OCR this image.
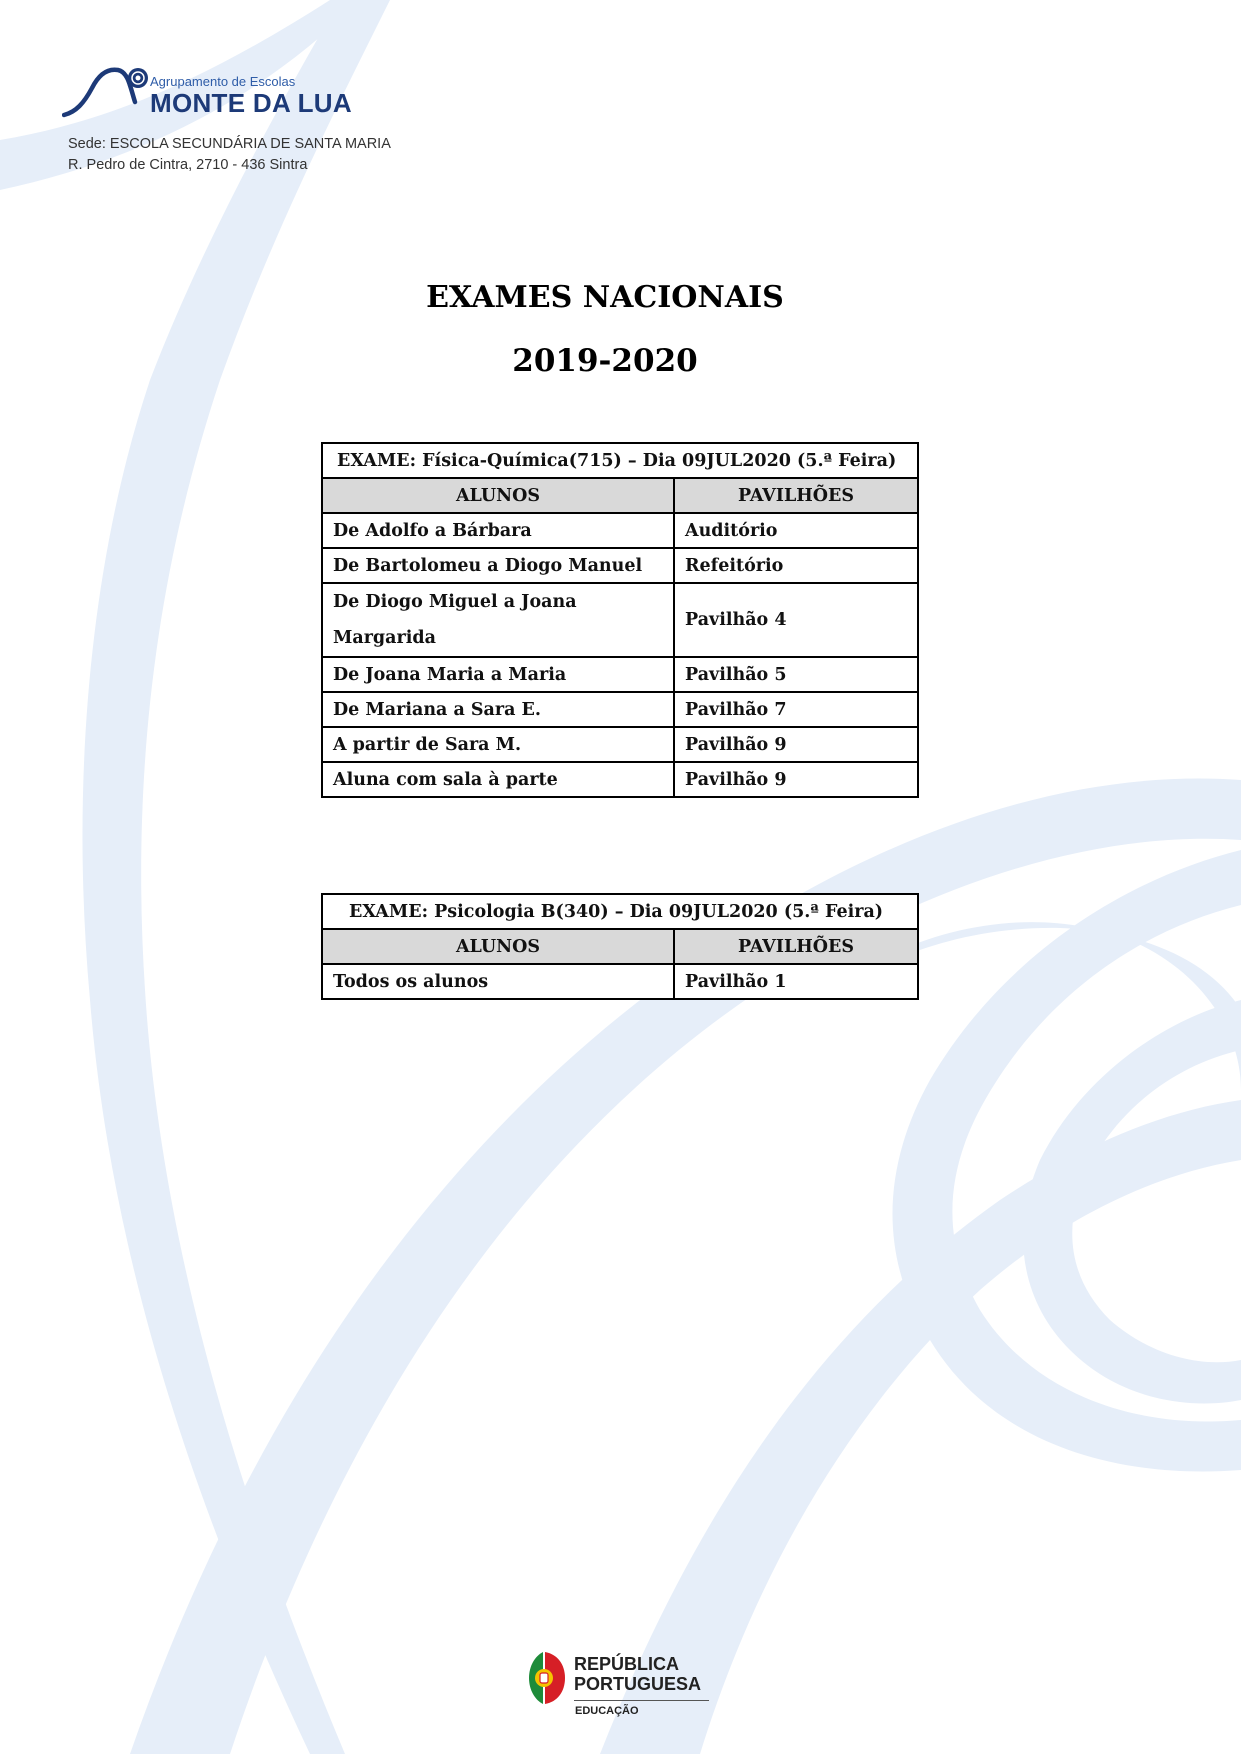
Agrupamento de Escolas
MONTE DA LUA
Sede: ESCOLA SECUNDÁRIA DE SANTA MARIA
R. Pedro de Cintra, 2710 - 436 Sintra
EXAMES NACIONAIS
2019-2020
EXAME: Física-Química(715) – Dia 09JUL2020 (5.ª Feira)	
ALUNOS	PAVILHÕES
De Adolfo a Bárbara	Auditório
De Bartolomeu a Diogo Manuel	Refeitório
De Diogo Miguel a Joana
Margarida	Pavilhão 4
De Joana Maria a Maria	Pavilhão 5
De Mariana a Sara E.	Pavilhão 7
A partir de Sara M.	Pavilhão 9
Aluna com sala à parte	Pavilhão 9
EXAME: Psicologia B(340) – Dia 09JUL2020 (5.ª Feira)	
ALUNOS	PAVILHÕES
Todos os alunos	Pavilhão 1
REPÚBLICA
PORTUGUESA
EDUCAÇÃO
